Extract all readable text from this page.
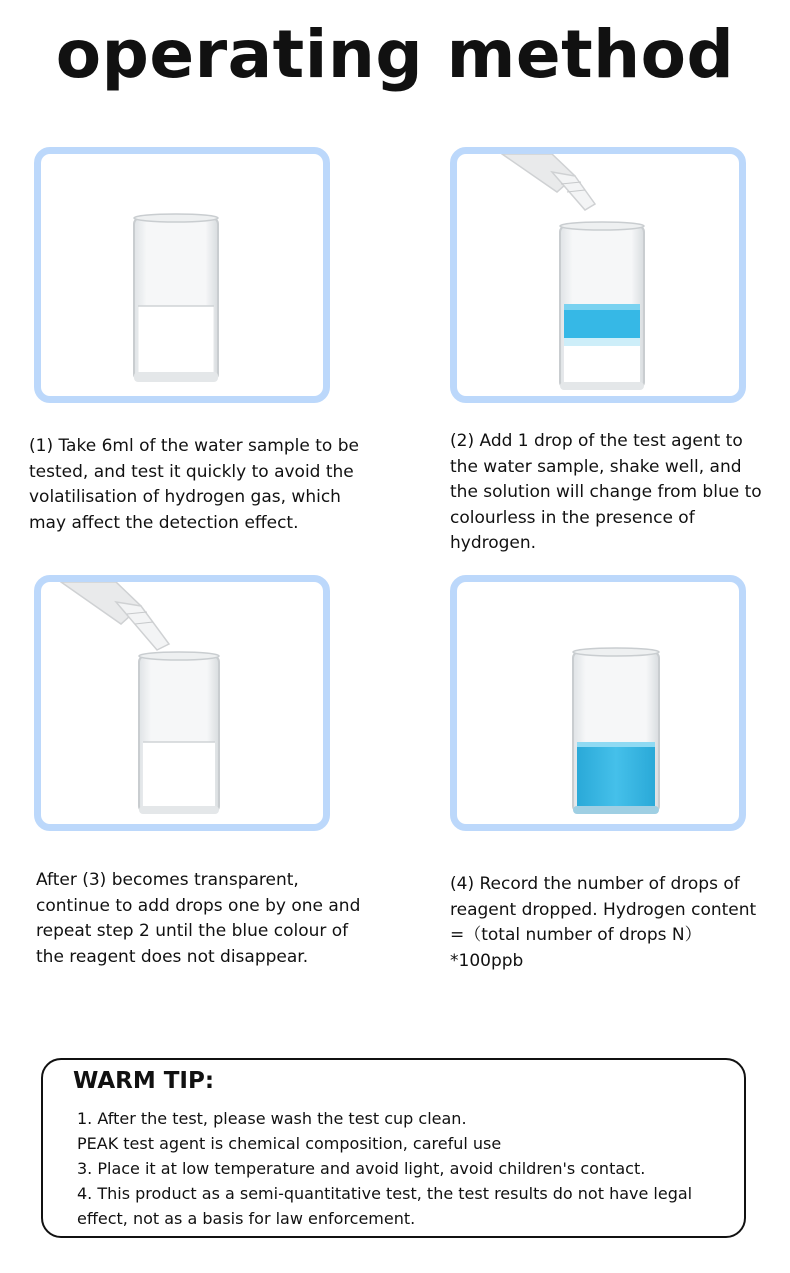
operating method
(1) Take 6ml of the water sample to be tested, and test it quickly to avoid the volatilisation of hydrogen gas, which may affect the detection effect.
(2) Add 1 drop of the test agent to the water sample, shake well, and the solution will change from blue to colourless in the presence of hydrogen.
After (3) becomes transparent, continue to add drops one by one and repeat step 2 until the blue colour of the reagent does not disappear.
(4) Record the number of drops of reagent dropped. Hydrogen content =（total number of drops N）*100ppb
WARM TIP:
1. After the test, please wash the test cup clean.
PEAK test agent is chemical composition, careful use
3. Place it at low temperature and avoid light, avoid children's contact.
4. This product as a semi-quantitative test, the test results do not have legal effect, not as a basis for law enforcement.
